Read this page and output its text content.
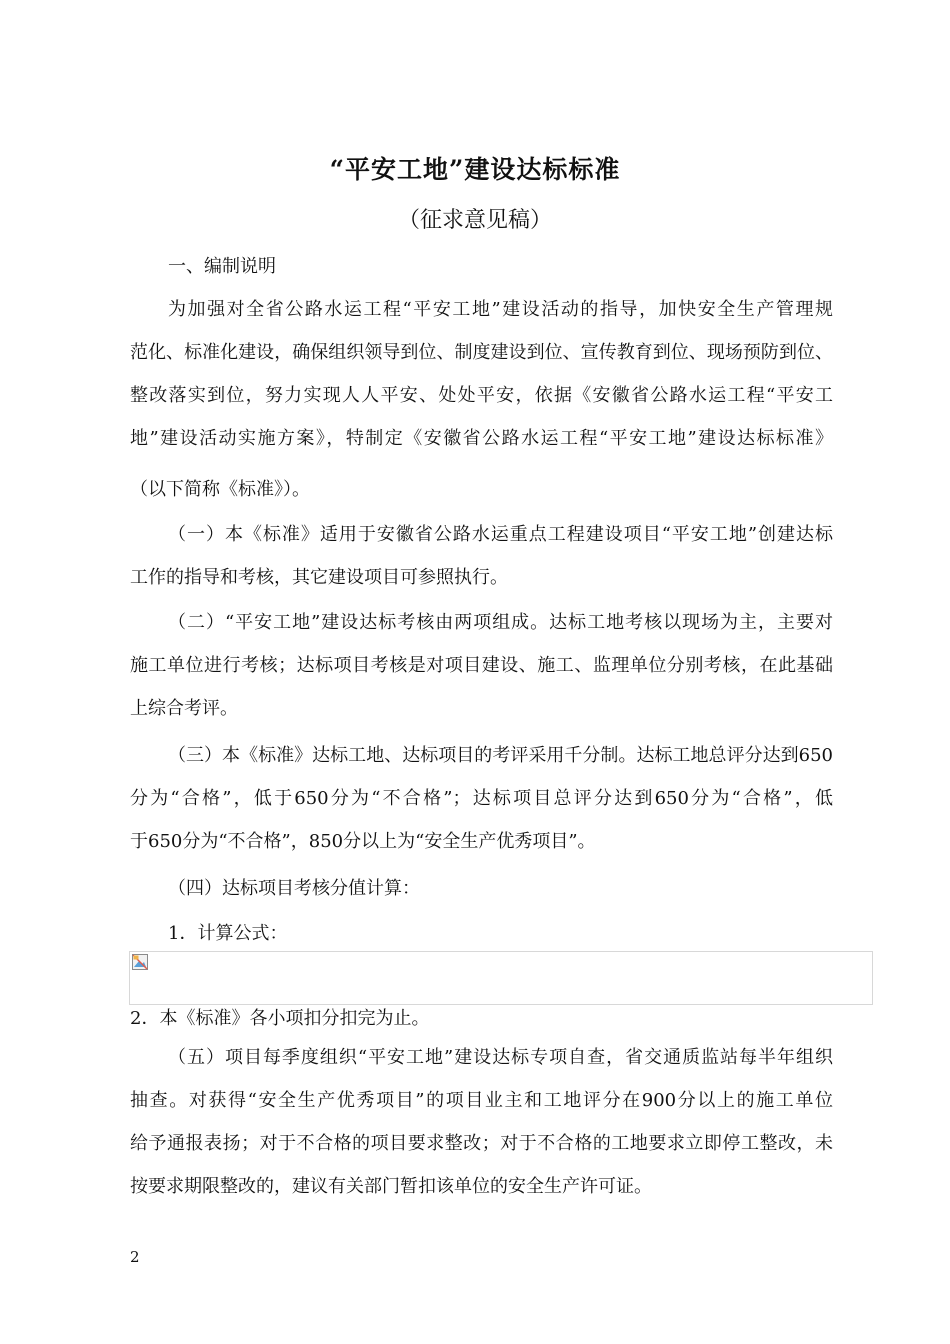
“平安工地”建设达标标准
（征求意见稿）
一、编制说明
为加强对全省公路水运工程“平安工地”建设活动的指导，加快安全生产管理规
范化、标准化建设，确保组织领导到位、制度建设到位、宣传教育到位、现场预防到位、
整改落实到位，努力实现人人平安、处处平安，依据《安徽省公路水运工程“平安工
地”建设活动实施方案》，特制定《安徽省公路水运工程“平安工地”建设达标标准》
（以下简称《标准》）。
（一）本《标准》适用于安徽省公路水运重点工程建设项目“平安工地”创建达标
工作的指导和考核，其它建设项目可参照执行。
（二）“平安工地”建设达标考核由两项组成。达标工地考核以现场为主，主要对
施工单位进行考核；达标项目考核是对项目建设、施工、监理单位分别考核，在此基础
上综合考评。
（三）本《标准》达标工地、达标项目的考评采用千分制。达标工地总评分达到650
分为“合格”，低于650分为“不合格”；达标项目总评分达到650分为“合格”，低
于650分为“不合格”，850分以上为“安全生产优秀项目”。
（四）达标项目考核分值计算：
1．计算公式：
2．本《标准》各小项扣分扣完为止。
（五）项目每季度组织“平安工地”建设达标专项自查，省交通质监站每半年组织
抽查。对获得“安全生产优秀项目”的项目业主和工地评分在900分以上的施工单位
给予通报表扬；对于不合格的项目要求整改；对于不合格的工地要求立即停工整改，未
按要求期限整改的，建议有关部门暂扣该单位的安全生产许可证。
2
